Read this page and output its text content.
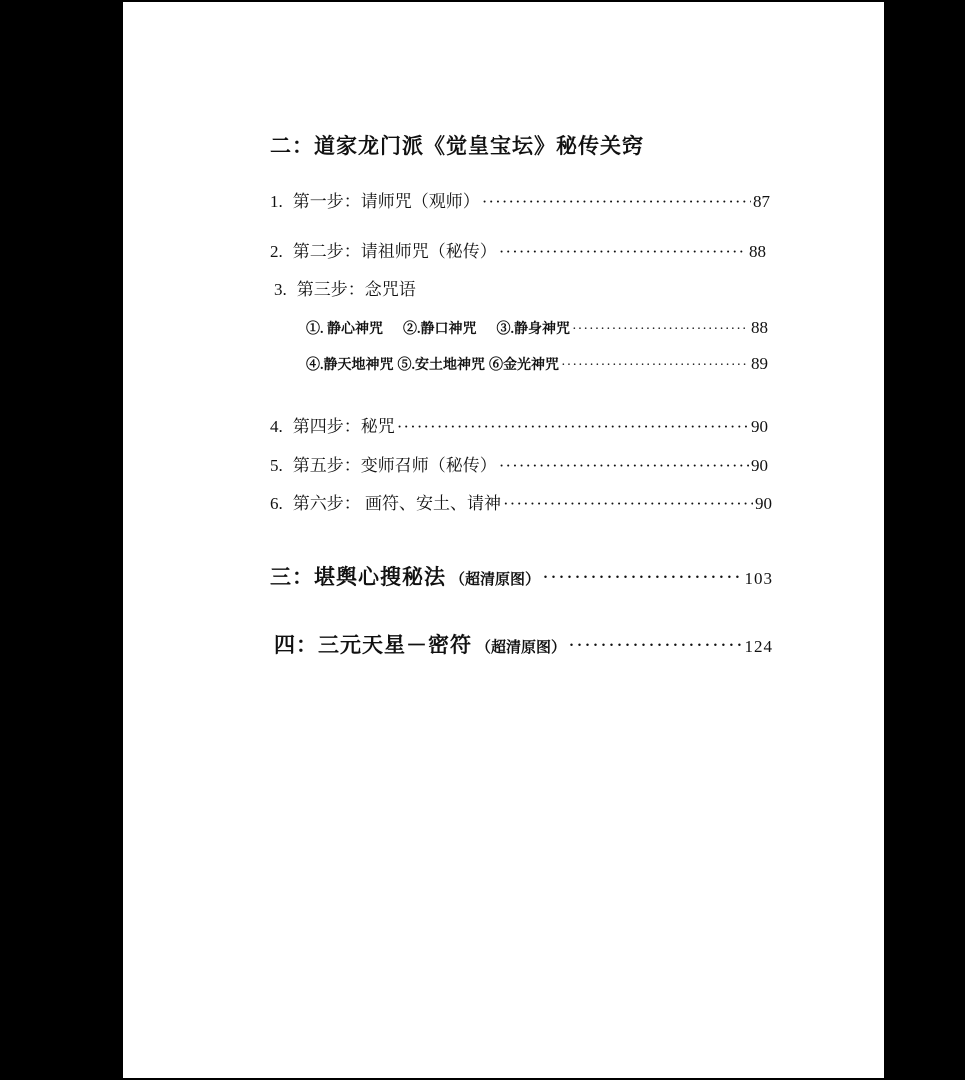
二：道家龙门派《觉皇宝坛》秘传关窍
1. 第一步：请师咒（观师） ·····	87
2. 第二步：请祖师咒（秘传） ·····	88
3. 第三步：念咒语
①. 静心神咒 ②.静口神咒 ③.静身神咒 ·····	88
④.静天地神咒 ⑤.安土地神咒 ⑥金光神咒 ·····	89
4. 第四步：秘咒 ·····	90
5. 第五步：变师召师（秘传） ·····	90
6. 第六步： 画符、安土、请神 ·····	90
三：堪舆心搜秘法 （超清原图） ·····	103
四：三元天星－密符 （超清原图） ·····	124
